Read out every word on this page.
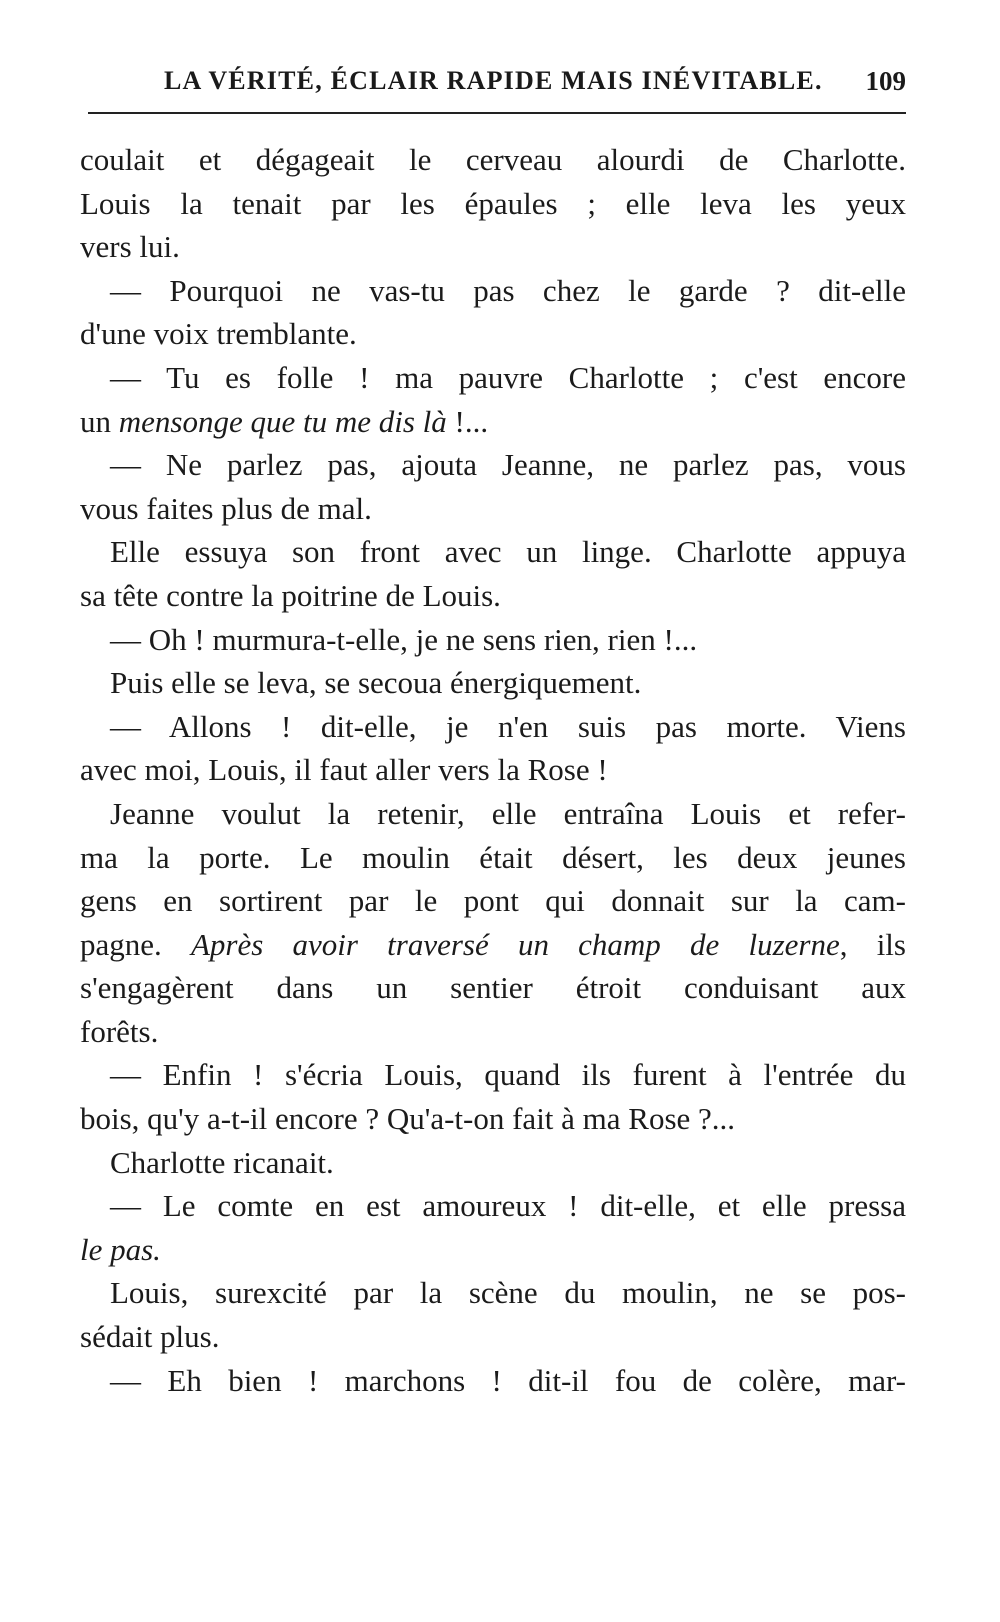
LA VÉRITÉ, ÉCLAIR RAPIDE MAIS INÉVITABLE. 109
coulait et dégageait le cerveau alourdi de Charlotte.
Louis la tenait par les épaules ; elle leva les yeux
vers lui.
— Pourquoi ne vas-tu pas chez le garde ? dit-elle
d'une voix tremblante.
— Tu es folle ! ma pauvre Charlotte ; c'est encore
un mensonge que tu me dis là !...
— Ne parlez pas, ajouta Jeanne, ne parlez pas, vous
vous faites plus de mal.
Elle essuya son front avec un linge. Charlotte appuya
sa tête contre la poitrine de Louis.
— Oh ! murmura-t-elle, je ne sens rien, rien !...
Puis elle se leva, se secoua énergiquement.
— Allons ! dit-elle, je n'en suis pas morte. Viens
avec moi, Louis, il faut aller vers la Rose !
Jeanne voulut la retenir, elle entraîna Louis et refer-
ma la porte. Le moulin était désert, les deux jeunes
gens en sortirent par le pont qui donnait sur la cam-
pagne. Après avoir traversé un champ de luzerne, ils
s'engagèrent dans un sentier étroit conduisant aux
forêts.
— Enfin ! s'écria Louis, quand ils furent à l'entrée du
bois, qu'y a-t-il encore ? Qu'a-t-on fait à ma Rose ?...
Charlotte ricanait.
— Le comte en est amoureux ! dit-elle, et elle pressa
le pas.
Louis, surexcité par la scène du moulin, ne se pos-
sédait plus.
— Eh bien ! marchons ! dit-il fou de colère, mar-
